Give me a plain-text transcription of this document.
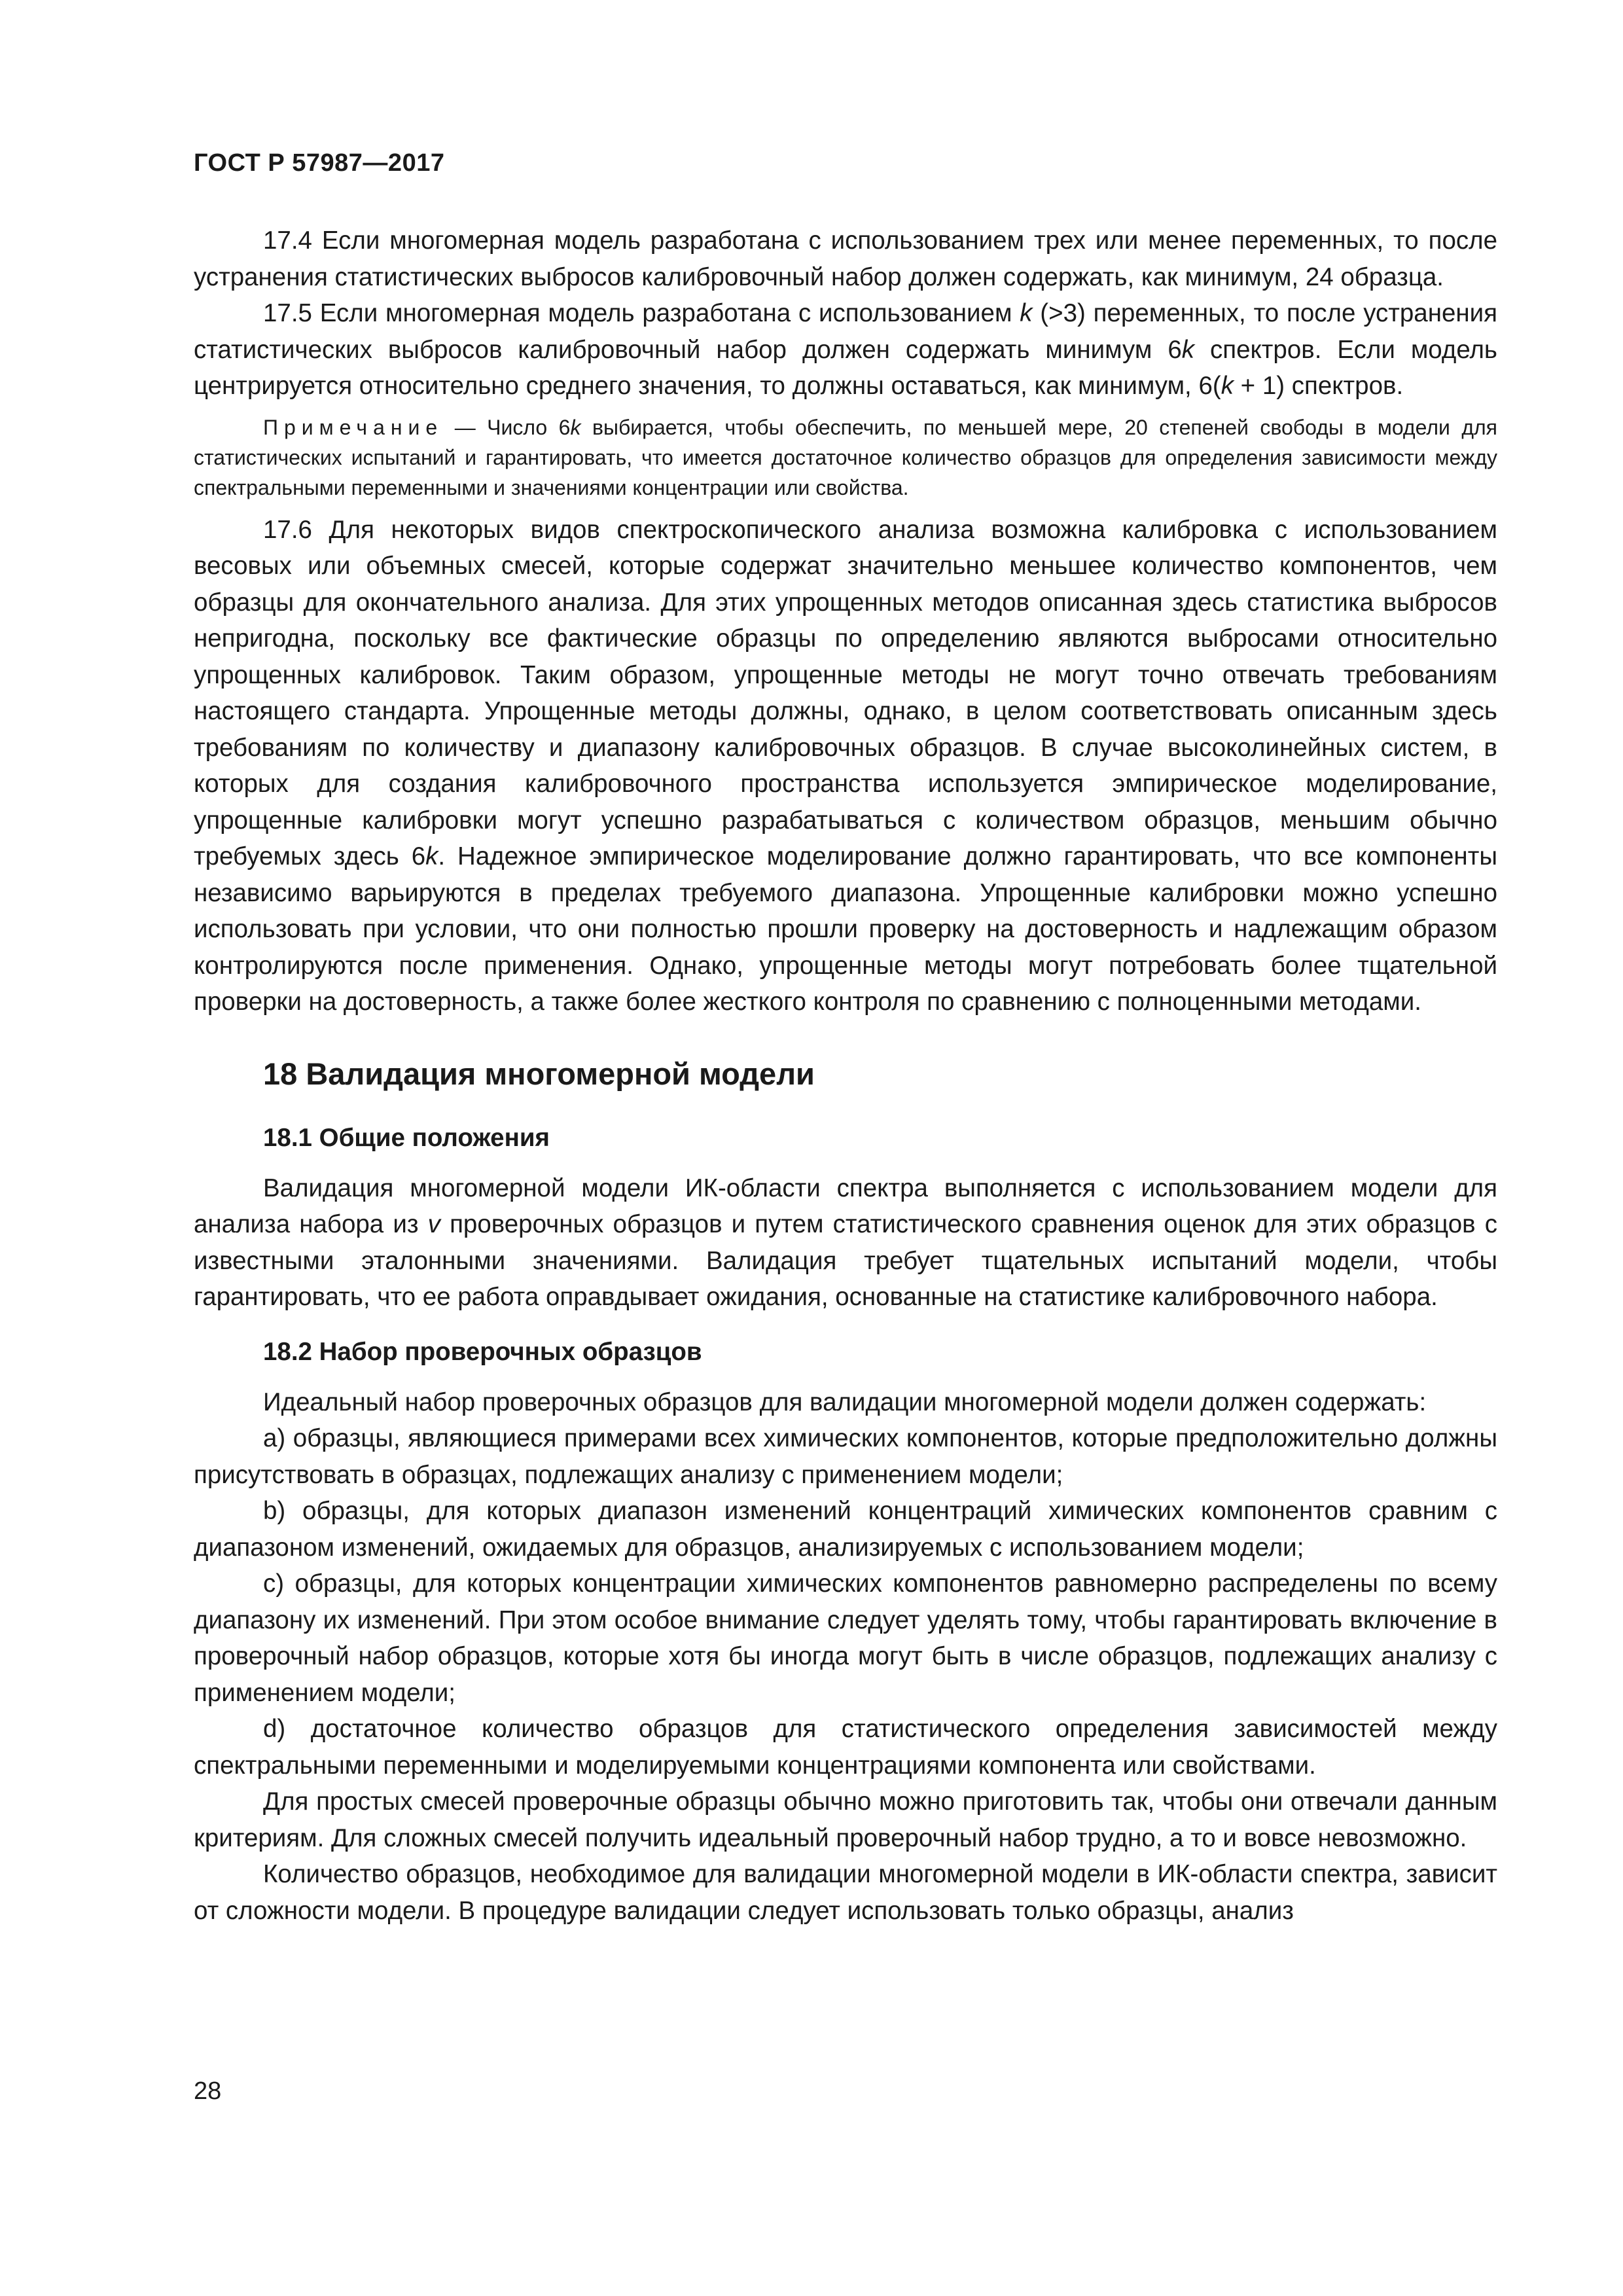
ГОСТ Р 57987—2017

17.4 Если многомерная модель разработана с использованием трех или менее переменных, то после устранения статистических выбросов калибровочный набор должен содержать, как минимум, 24 образца.

17.5 Если многомерная модель разработана с использованием k (>3) переменных, то после устранения статистических выбросов калибровочный набор должен содержать минимум 6k спектров. Если модель центрируется относительно среднего значения, то должны оставаться, как минимум, 6(k + 1) спектров.

Примечание — Число 6k выбирается, чтобы обеспечить, по меньшей мере, 20 степеней свободы в модели для статистических испытаний и гарантировать, что имеется достаточное количество образцов для определения зависимости между спектральными переменными и значениями концентрации или свойства.

17.6 Для некоторых видов спектроскопического анализа возможна калибровка с использованием весовых или объемных смесей, которые содержат значительно меньшее количество компонентов, чем образцы для окончательного анализа. Для этих упрощенных методов описанная здесь статистика выбросов непригодна, поскольку все фактические образцы по определению являются выбросами относительно упрощенных калибровок. Таким образом, упрощенные методы не могут точно отвечать требованиям настоящего стандарта. Упрощенные методы должны, однако, в целом соответствовать описанным здесь требованиям по количеству и диапазону калибровочных образцов. В случае высоколинейных систем, в которых для создания калибровочного пространства используется эмпирическое моделирование, упрощенные калибровки могут успешно разрабатываться с количеством образцов, меньшим обычно требуемых здесь 6k. Надежное эмпирическое моделирование должно гарантировать, что все компоненты независимо варьируются в пределах требуемого диапазона. Упрощенные калибровки можно успешно использовать при условии, что они полностью прошли проверку на достоверность и надлежащим образом контролируются после применения. Однако, упрощенные методы могут потребовать более тщательной проверки на достоверность, а также более жесткого контроля по сравнению с полноценными методами.

18 Валидация многомерной модели
18.1 Общие положения

Валидация многомерной модели ИК-области спектра выполняется с использованием модели для анализа набора из v проверочных образцов и путем статистического сравнения оценок для этих образцов с известными эталонными значениями. Валидация требует тщательных испытаний модели, чтобы гарантировать, что ее работа оправдывает ожидания, основанные на статистике калибровочного набора.

18.2 Набор проверочных образцов

Идеальный набор проверочных образцов для валидации многомерной модели должен содержать:

а) образцы, являющиеся примерами всех химических компонентов, которые предположительно должны присутствовать в образцах, подлежащих анализу с применением модели;

b) образцы, для которых диапазон изменений концентраций химических компонентов сравним с диапазоном изменений, ожидаемых для образцов, анализируемых с использованием модели;

c) образцы, для которых концентрации химических компонентов равномерно распределены по всему диапазону их изменений. При этом особое внимание следует уделять тому, чтобы гарантировать включение в проверочный набор образцов, которые хотя бы иногда могут быть в числе образцов, подлежащих анализу с применением модели;

d) достаточное количество образцов для статистического определения зависимостей между спектральными переменными и моделируемыми концентрациями компонента или свойствами.

Для простых смесей проверочные образцы обычно можно приготовить так, чтобы они отвечали данным критериям. Для сложных смесей получить идеальный проверочный набор трудно, а то и вовсе невозможно.

Количество образцов, необходимое для валидации многомерной модели в ИК-области спектра, зависит от сложности модели. В процедуре валидации следует использовать только образцы, анализ

28
